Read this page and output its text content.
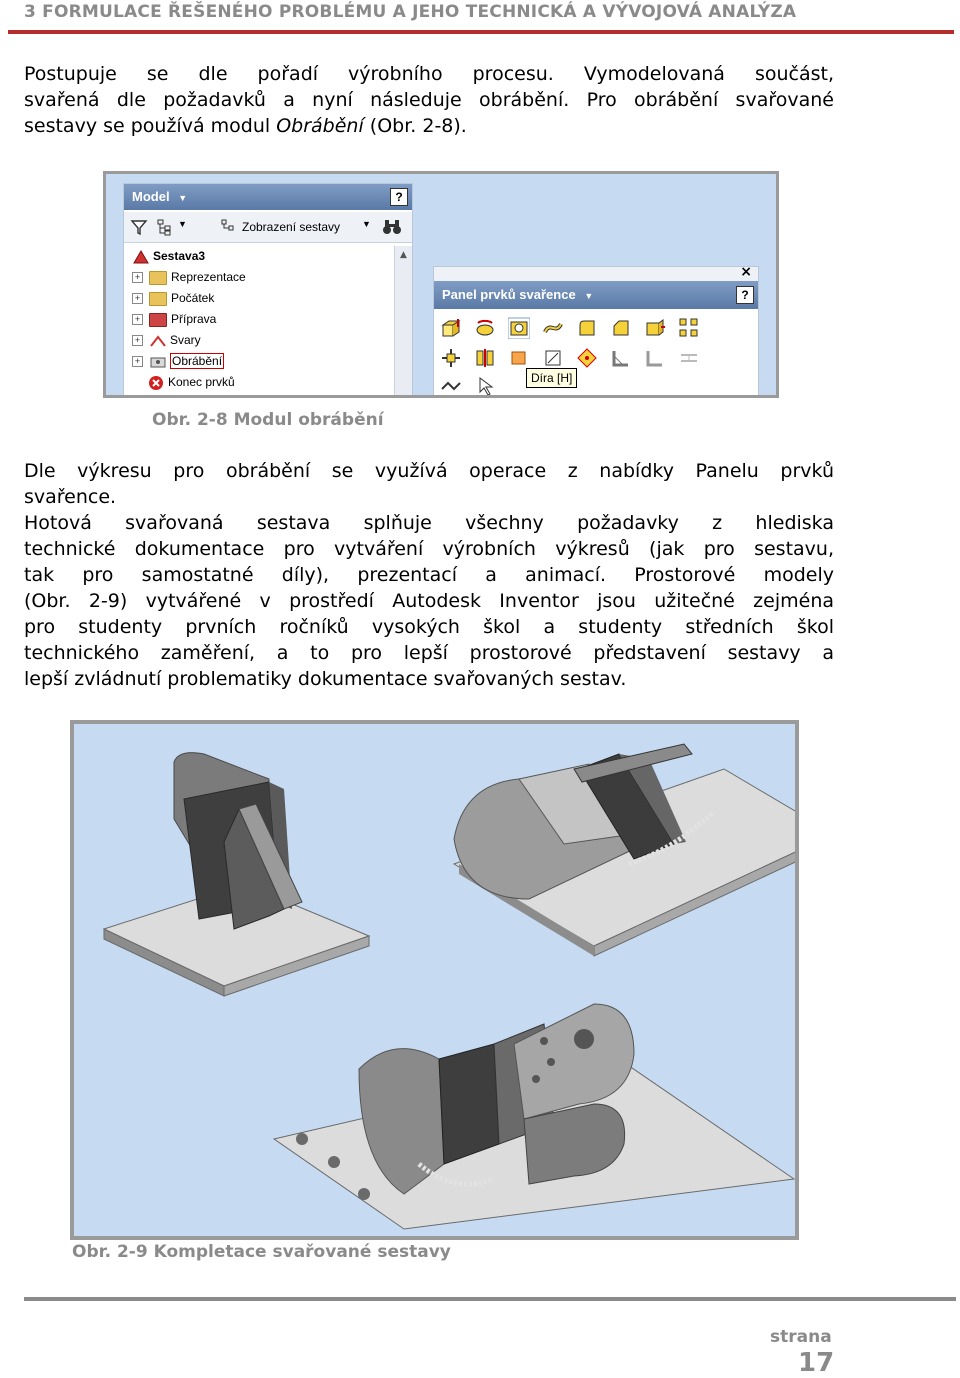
3 FORMULACE ŘEŠENÉHO PROBLÉMU A JEHO TECHNICKÁ A VÝVOJOVÁ ANALÝZA
Postupuje se dle pořadí výrobního procesu. Vymodelovaná součást,
svařená dle požadavků a nyní následuje obrábění. Pro obrábění svařované
sestavy se používá modul Obrábění (Obr. 2-8).
Model ▼	?
▼	Zobrazení sestavy ▼
Sestava3
+	Reprezentace
+	Počátek
+	Příprava
+ Svary
+	Obrábění
Konec prvků
▲
×
Panel prvků svařence ▼	?
Díra [H]
Obr. 2-8 Modul obrábění
Dle výkresu pro obrábění se využívá operace z nabídky Panelu prvků
svařence.
Hotová svařovaná sestava splňuje všechny požadavky z hlediska
technické dokumentace pro vytváření výrobních výkresů (jak pro sestavu,
tak pro samostatné díly), prezentací a animací. Prostorové modely
(Obr. 2-9) vytvářené v prostředí Autodesk Inventor jsou užitečné zejména
pro studenty prvních ročníků vysokých škol a studenty středních škol
technického zaměření, a to pro lepší prostorové představení sestavy a
lepší zvládnutí problematiky dokumentace svařovaných sestav.
Obr. 2-9 Kompletace svařované sestavy
strana
17
